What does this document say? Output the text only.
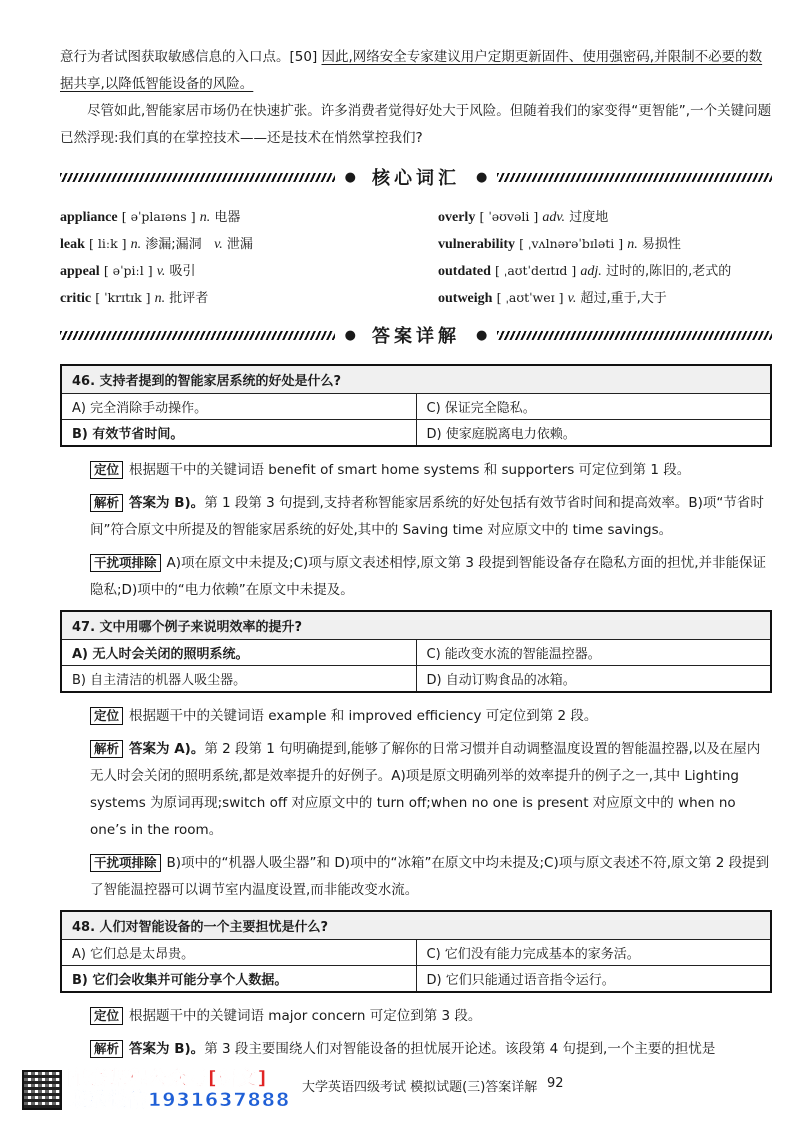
意行为者试图获取敏感信息的入口点。[50] 因此,网络安全专家建议用户定期更新固件、使用强密码,并限制不必要的数据共享,以降低智能设备的风险。

尽管如此,智能家居市场仍在快速扩张。许多消费者觉得好处大于风险。但随着我们的家变得“更智能”,一个关键问题已然浮现:我们真的在掌控技术——还是技术在悄然掌控我们?

● 核心词汇 ●
appliance [ əˈplaɪəns ] n. 电器	overly [ ˈəʊvəli ] adv. 过度地
leak [ liːk ] n. 渗漏;漏洞 v. 泄漏	vulnerability [ ˌvʌlnərəˈbɪləti ] n. 易损性
appeal [ əˈpiːl ] v. 吸引	outdated [ ˌaʊtˈdeɪtɪd ] adj. 过时的,陈旧的,老式的
critic [ ˈkrɪtɪk ] n. 批评者	outweigh [ ˌaʊtˈweɪ ] v. 超过,重于,大于
● 答案详解 ●
46. 支持者提到的智能家居系统的好处是什么?	
A) 完全消除手动操作。	C) 保证完全隐私。
B) 有效节省时间。	D) 使家庭脱离电力依赖。

定位 根据题干中的关键词语 benefit of smart home systems 和 supporters 可定位到第 1 段。

解析 答案为 B)。第 1 段第 3 句提到,支持者称智能家居系统的好处包括有效节省时间和提高效率。B)项“节省时间”符合原文中所提及的智能家居系统的好处,其中的 Saving time 对应原文中的 time savings。

干扰项排除 A)项在原文中未提及;C)项与原文表述相悖,原文第 3 段提到智能设备存在隐私方面的担忧,并非能保证隐私;D)项中的“电力依赖”在原文中未提及。

47. 文中用哪个例子来说明效率的提升?	
A) 无人时会关闭的照明系统。	C) 能改变水流的智能温控器。
B) 自主清洁的机器人吸尘器。	D) 自动订购食品的冰箱。

定位 根据题干中的关键词语 example 和 improved efficiency 可定位到第 2 段。

解析 答案为 A)。第 2 段第 1 句明确提到,能够了解你的日常习惯并自动调整温度设置的智能温控器,以及在屋内无人时会关闭的照明系统,都是效率提升的好例子。A)项是原文明确列举的效率提升的例子之一,其中 Lighting systems 为原词再现;switch off 对应原文中的 turn off;when no one is present 对应原文中的 when no one’s in the room。

干扰项排除 B)项中的“机器人吸尘器”和 D)项中的“冰箱”在原文中均未提及;C)项与原文表述不符,原文第 2 段提到了智能温控器可以调节室内温度设置,而非能改变水流。

48. 人们对智能设备的一个主要担忧是什么?	
A) 它们总是太昂贵。	C) 它们没有能力完成基本的家务活。
B) 它们会收集并可能分享个人数据。	D) 它们只能通过语音指令运行。

定位 根据题干中的关键词语 major concern 可定位到第 3 段。

解析 答案为 B)。第 3 段主要围绕人们对智能设备的担忧展开论述。该段第 4 句提到,一个主要的担忧是

配套课程公众号[研文]
联系微信1931637888
大学英语四级考试 模拟试题(三)答案详解 92
